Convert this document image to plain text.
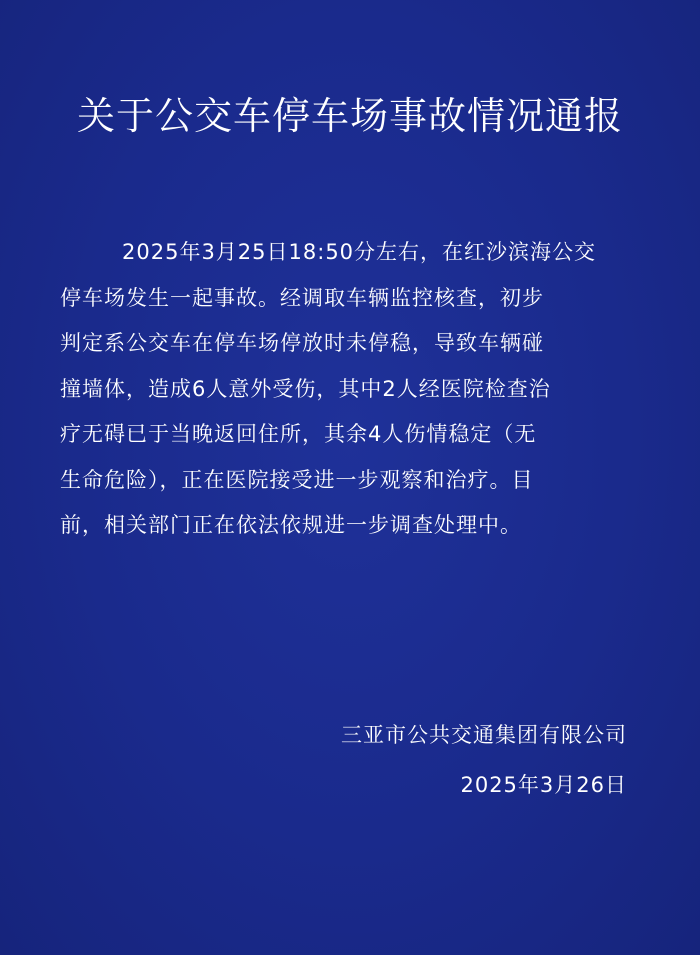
关于公交车停车场事故情况通报
2025年3月25日18:50分左右，在红沙滨海公交
停车场发生一起事故。经调取车辆监控核查，初步
判定系公交车在停车场停放时未停稳，导致车辆碰
撞墙体，造成6人意外受伤，其中2人经医院检查治
疗无碍已于当晚返回住所，其余4人伤情稳定（无
生命危险），正在医院接受进一步观察和治疗。目
前，相关部门正在依法依规进一步调查处理中。
三亚市公共交通集团有限公司
2025年3月26日
